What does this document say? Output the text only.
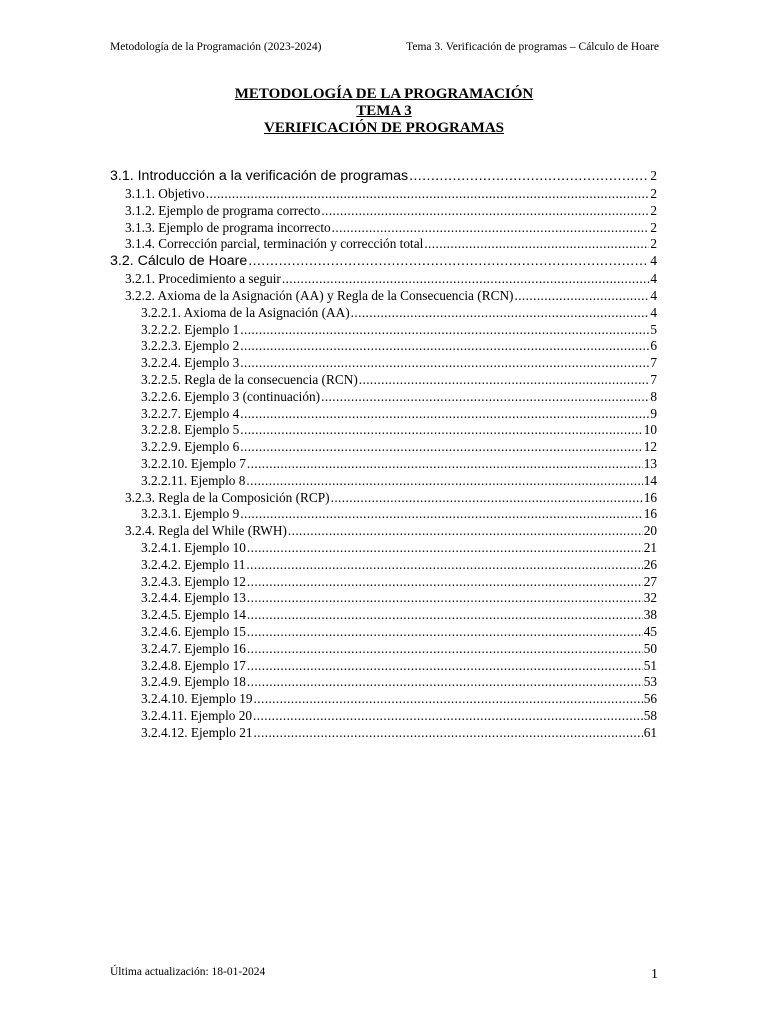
Metodología de la Programación (2023-2024)	Tema 3. Verificación de programas – Cálculo de Hoare
METODOLOGÍA DE LA PROGRAMACIÓN
TEMA 3
VERIFICACIÓN DE PROGRAMAS
3.1. Introducción a la verificación de programas .....	2
3.1.1. Objetivo .....	2
3.1.2. Ejemplo de programa correcto .....	2
3.1.3. Ejemplo de programa incorrecto .....	2
3.1.4. Corrección parcial, terminación y corrección total .....	2
3.2. Cálculo de Hoare .....	4
3.2.1. Procedimiento a seguir .....	4
3.2.2. Axioma de la Asignación (AA) y Regla de la Consecuencia (RCN) .....	4
3.2.2.1. Axioma de la Asignación (AA) .....	4
3.2.2.2. Ejemplo 1 .....	5
3.2.2.3. Ejemplo 2 .....	6
3.2.2.4. Ejemplo 3 .....	7
3.2.2.5. Regla de la consecuencia (RCN) .....	7
3.2.2.6. Ejemplo 3 (continuación) .....	8
3.2.2.7. Ejemplo 4 .....	9
3.2.2.8. Ejemplo 5 .....	10
3.2.2.9. Ejemplo 6 .....	12
3.2.2.10. Ejemplo 7 .....	13
3.2.2.11. Ejemplo 8 .....	14
3.2.3. Regla de la Composición (RCP) .....	16
3.2.3.1. Ejemplo 9 .....	16
3.2.4. Regla del While (RWH) .....	20
3.2.4.1. Ejemplo 10 .....	21
3.2.4.2. Ejemplo 11 .....	26
3.2.4.3. Ejemplo 12 .....	27
3.2.4.4. Ejemplo 13 .....	32
3.2.4.5. Ejemplo 14 .....	38
3.2.4.6. Ejemplo 15 .....	45
3.2.4.7. Ejemplo 16 .....	50
3.2.4.8. Ejemplo 17 .....	51
3.2.4.9. Ejemplo 18 .....	53
3.2.4.10. Ejemplo 19 .....	56
3.2.4.11. Ejemplo 20 .....	58
3.2.4.12. Ejemplo 21 .....	61
Última actualización: 18-01-2024	1
